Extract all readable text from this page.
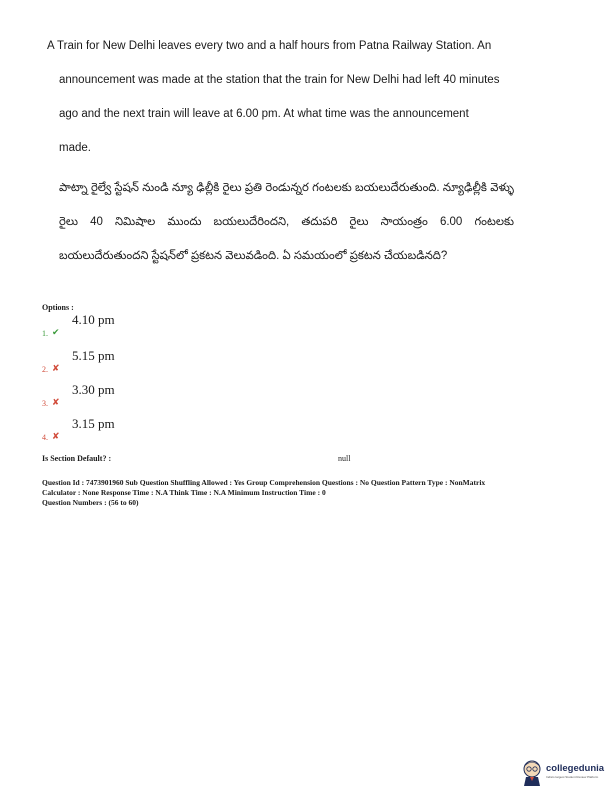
A Train for New Delhi leaves every two and a half hours from Patna Railway Station. An
announcement was made at the station that the train for New Delhi had left 40 minutes
ago and the next train will leave at 6.00 pm. At what time was the announcement
made.
పాట్నా రైల్వే స్టేషన్ నుండి న్యూ ఢిల్లీకి రైలు ప్రతి రెండున్నర గంటలకు బయలుదేరుతుంది. న్యూఢిల్లీకి వెళ్ళు రైలు 40 నిమిషాల ముందు బయలుదేరిందని, తదుపరి రైలు సాయంత్రం 6.00 గంటలకు బయలుదేరుతుందని స్టేషన్‌లో ప్రకటన వెలువడింది. ఏ సమయంలో ప్రకటన చేయబడినది?
Options :
1. ✔ 4.10 pm
2. ✘ 5.15 pm
3. ✘ 3.30 pm
4. ✘ 3.15 pm
Is Section Default? :	null
Question Id : 7473901960 Sub Question Shuffling Allowed : Yes Group Comprehension Questions : No Question Pattern Type : NonMatrix
Calculator : None Response Time : N.A Think Time : N.A Minimum Instruction Time : 0
Question Numbers : (56 to 60)
collegedunia
India's largest Student Review Platform
